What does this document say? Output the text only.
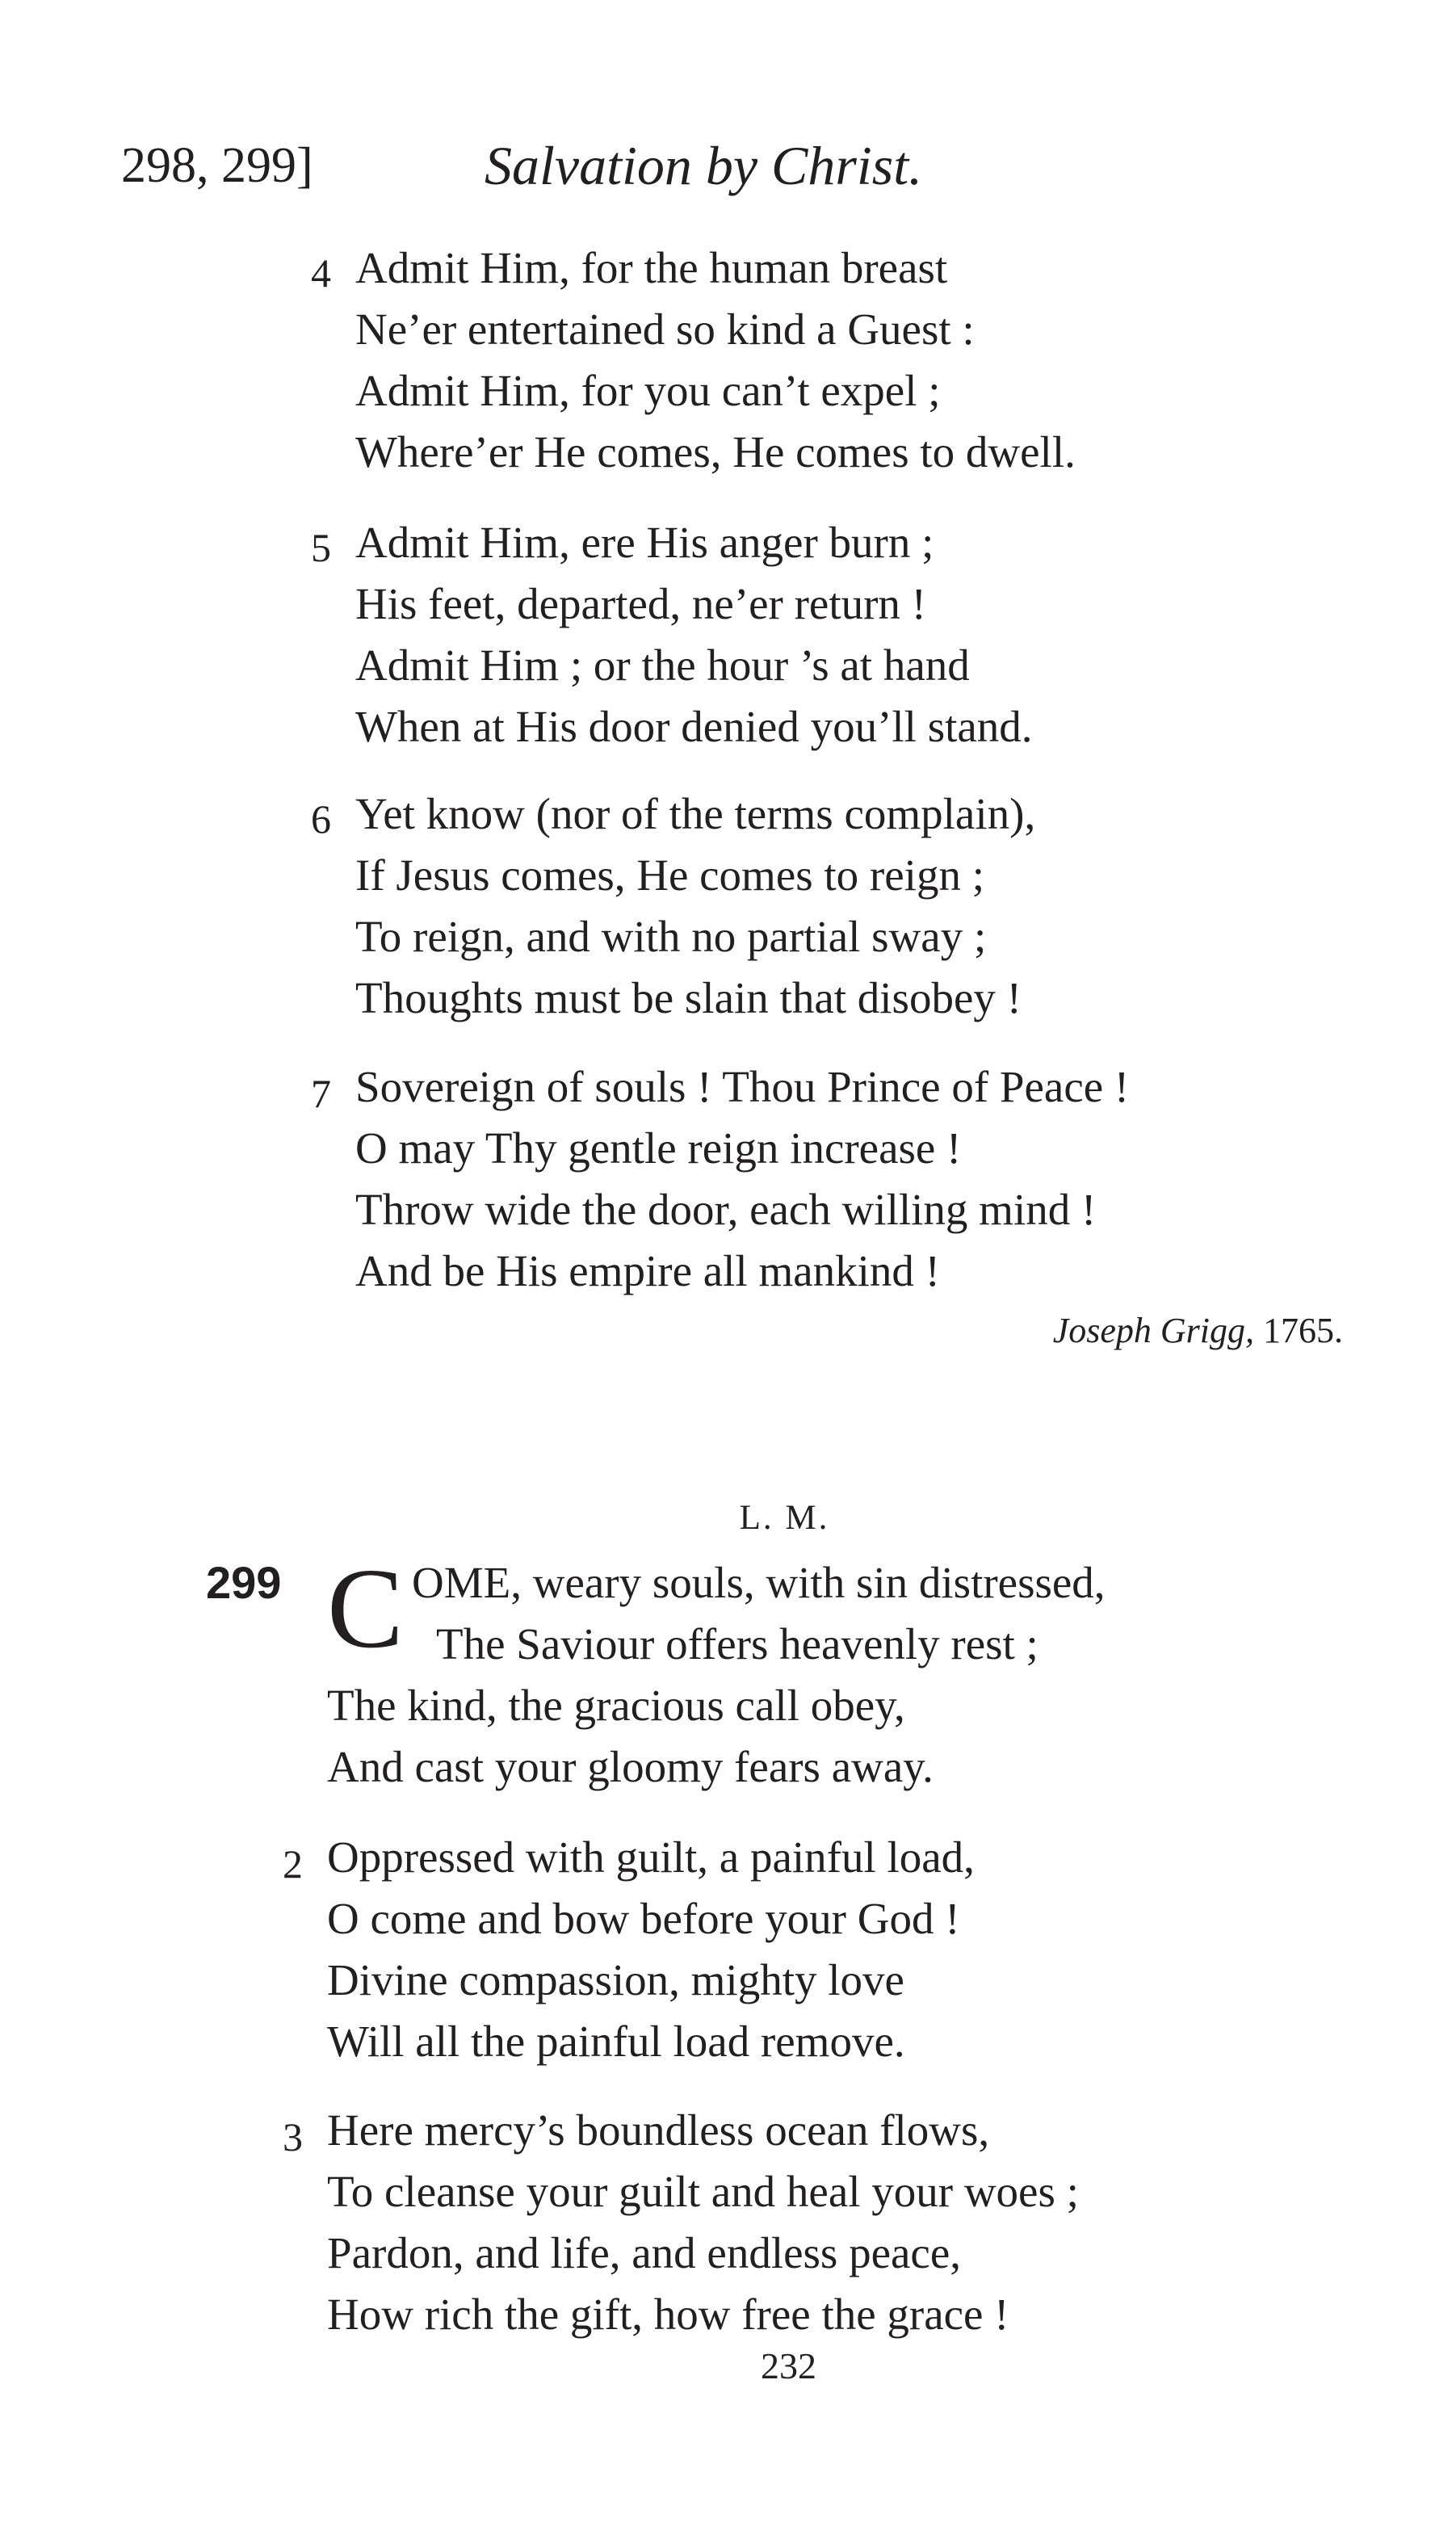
298, 299]	Salvation by Christ.
4 Admit Him, for the human breast
Ne’er entertained so kind a Guest :
Admit Him, for you can’t expel ;
Where’er He comes, He comes to dwell.
5 Admit Him, ere His anger burn ;
His feet, departed, ne’er return !
Admit Him ; or the hour ’s at hand
When at His door denied you’ll stand.
6 Yet know (nor of the terms complain),
If Jesus comes, He comes to reign ;
To reign, and with no partial sway ;
Thoughts must be slain that disobey !
7 Sovereign of souls ! Thou Prince of Peace !
O may Thy gentle reign increase !
Throw wide the door, each willing mind !
And be His empire all mankind !
Joseph Grigg, 1765.
L. M.
299 C OME, weary souls, with sin distressed,
The Saviour offers heavenly rest ;
The kind, the gracious call obey,
And cast your gloomy fears away.
2 Oppressed with guilt, a painful load,
O come and bow before your God !
Divine compassion, mighty love
Will all the painful load remove.
3 Here mercy’s boundless ocean flows,
To cleanse your guilt and heal your woes ;
Pardon, and life, and endless peace,
How rich the gift, how free the grace !
232
